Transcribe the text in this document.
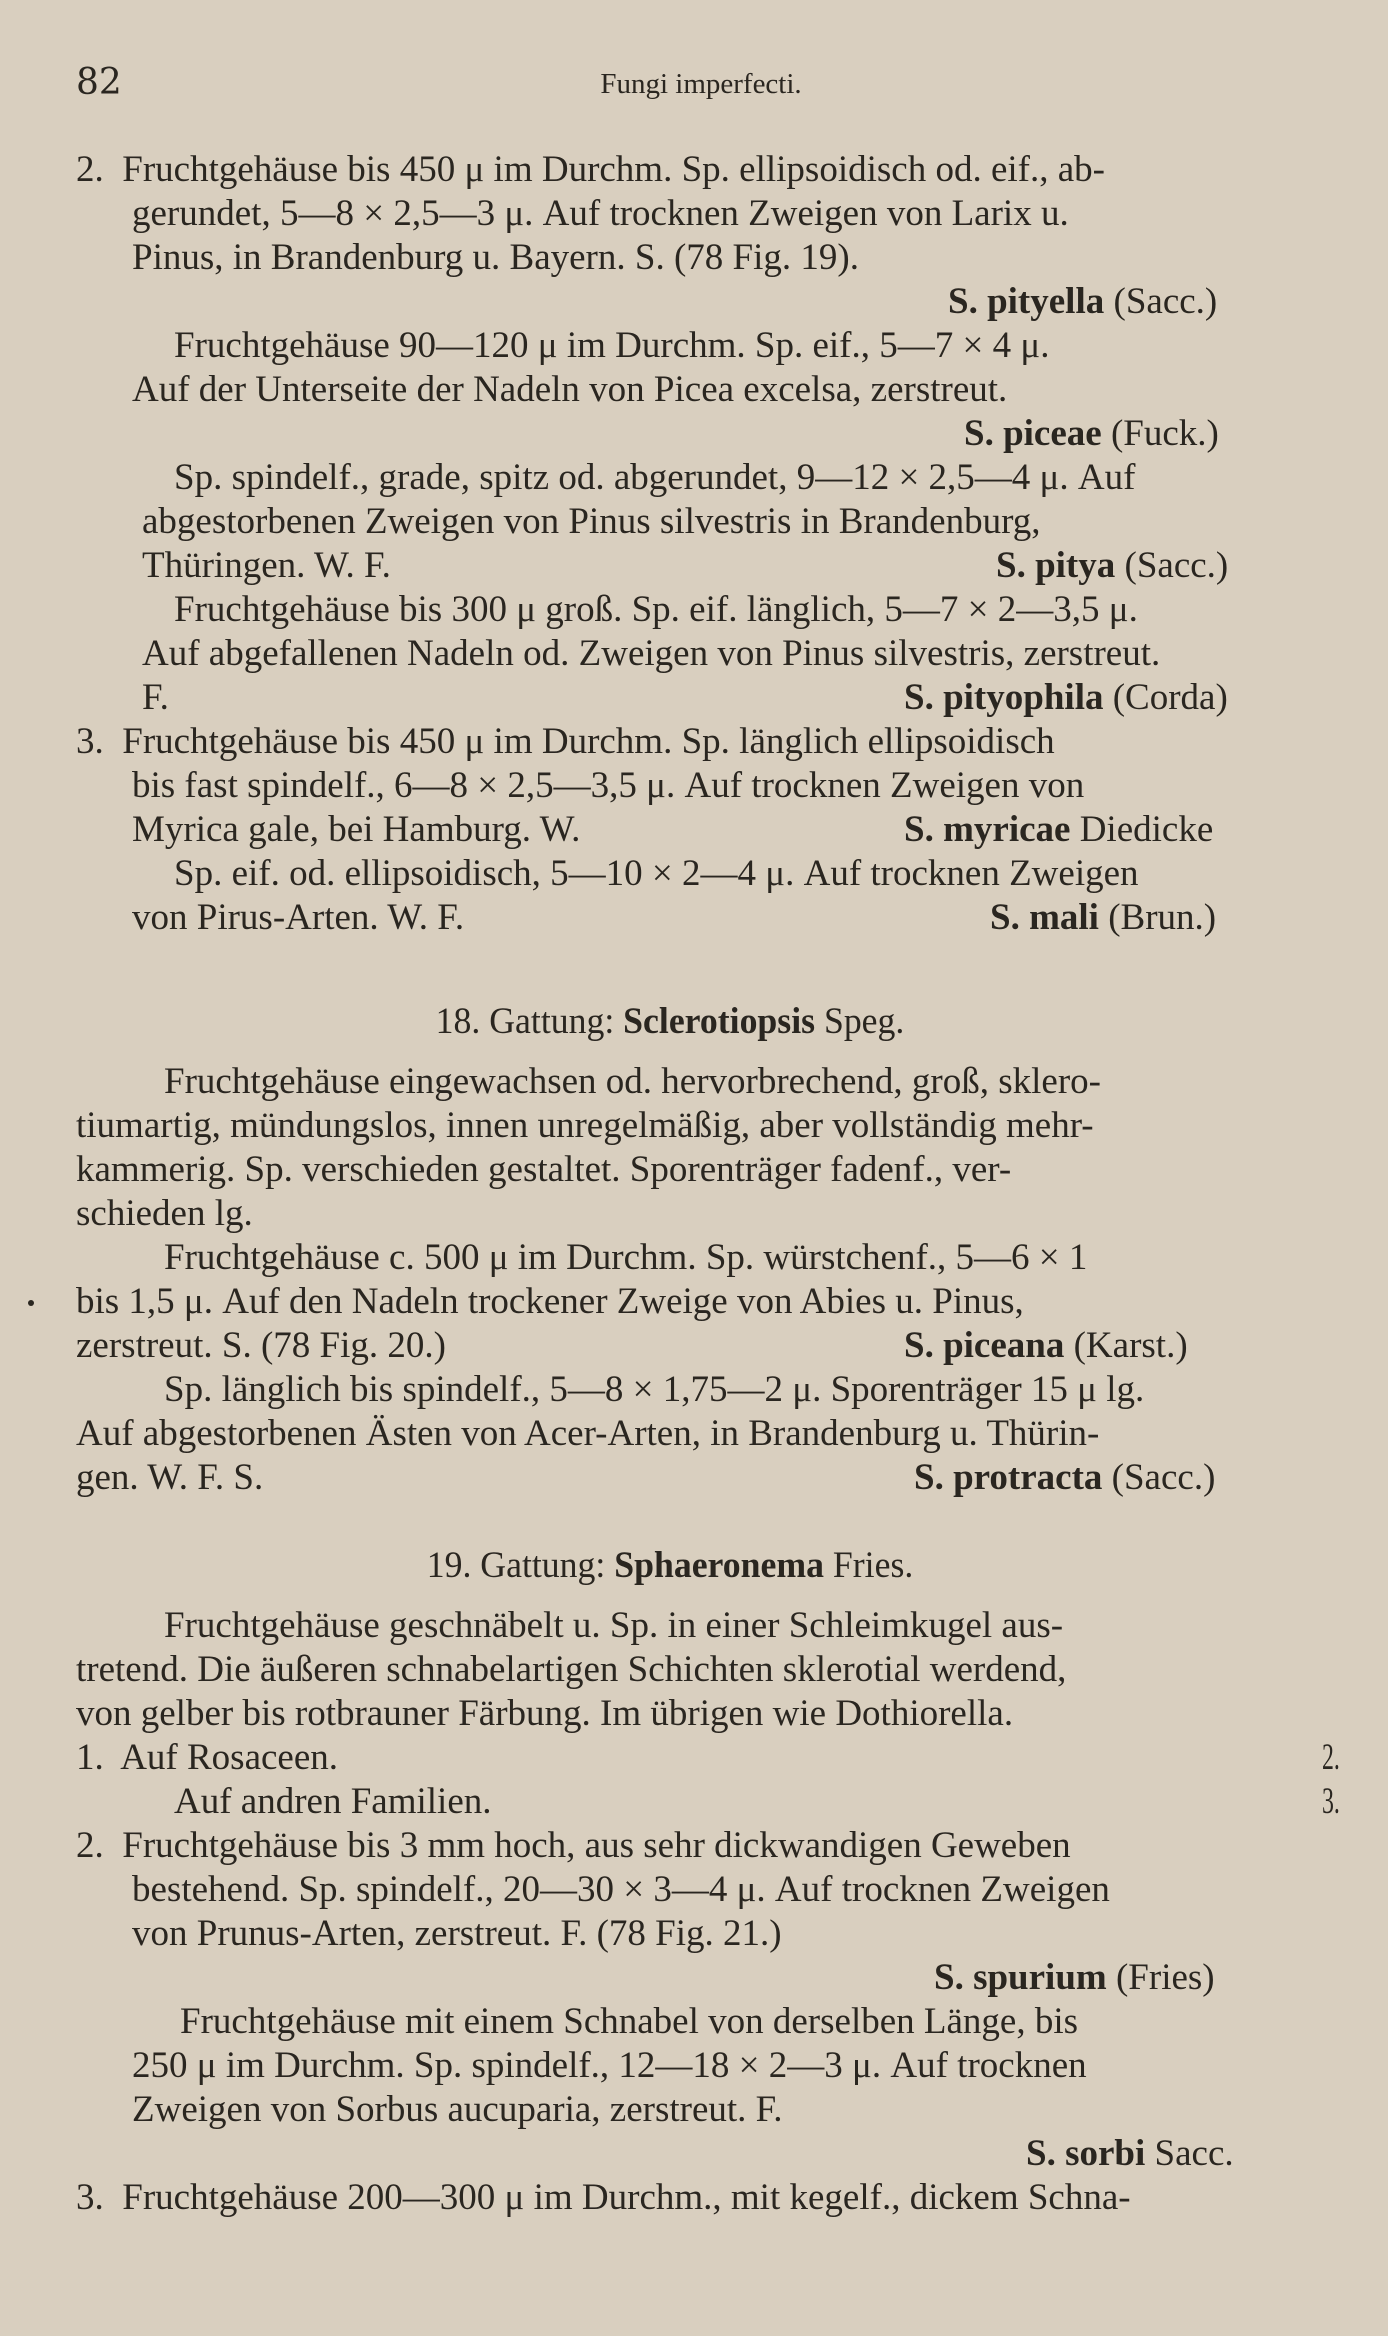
82	Fungi imperfecti.
2.  Fruchtgehäuse bis 450 μ im Durchm. Sp. ellipsoidisch od. eif., ab-
gerundet, 5—8 × 2,5—3 μ. Auf trocknen Zweigen von Larix u.
Pinus, in Brandenburg u. Bayern. S. (78 Fig. 19).
S. pityella (Sacc.)
Fruchtgehäuse 90—120 μ im Durchm. Sp. eif., 5—7 × 4 μ.
Auf der Unterseite der Nadeln von Picea excelsa, zerstreut.
S. piceae (Fuck.)
Sp. spindelf., grade, spitz od. abgerundet, 9—12 × 2,5—4 μ. Auf
abgestorbenen Zweigen von Pinus silvestris in Brandenburg,
Thüringen. W. F.	S. pitya (Sacc.)
Fruchtgehäuse bis 300 μ groß. Sp. eif. länglich, 5—7 × 2—3,5 μ.
Auf abgefallenen Nadeln od. Zweigen von Pinus silvestris, zerstreut.
F.	S. pityophila (Corda)
3.  Fruchtgehäuse bis 450 μ im Durchm. Sp. länglich ellipsoidisch
bis fast spindelf., 6—8 × 2,5—3,5 μ. Auf trocknen Zweigen von
Myrica gale, bei Hamburg. W.	S. myricae Diedicke
Sp. eif. od. ellipsoidisch, 5—10 × 2—4 μ. Auf trocknen Zweigen
von Pirus-Arten. W. F.	S. mali (Brun.)
18. Gattung: Sclerotiopsis Speg.
Fruchtgehäuse eingewachsen od. hervorbrechend, groß, sklero-
tiumartig, mündungslos, innen unregelmäßig, aber vollständig mehr-
kammerig. Sp. verschieden gestaltet. Sporenträger fadenf., ver-
schieden lg.
Fruchtgehäuse c. 500 μ im Durchm. Sp. würstchenf., 5—6 × 1
bis 1,5 μ. Auf den Nadeln trockener Zweige von Abies u. Pinus,
zerstreut. S. (78 Fig. 20.)	S. piceana (Karst.)
Sp. länglich bis spindelf., 5—8 × 1,75—2 μ. Sporenträger 15 μ lg.
Auf abgestorbenen Ästen von Acer-Arten, in Brandenburg u. Thürin-
gen. W. F. S.	S. protracta (Sacc.)
19. Gattung: Sphaeronema Fries.
Fruchtgehäuse geschnäbelt u. Sp. in einer Schleimkugel aus-
tretend. Die äußeren schnabelartigen Schichten sklerotial werdend,
von gelber bis rotbrauner Färbung. Im übrigen wie Dothiorella.
1.  Auf Rosaceen.	2.
Auf andren Familien.	3.
2.  Fruchtgehäuse bis 3 mm hoch, aus sehr dickwandigen Geweben
bestehend. Sp. spindelf., 20—30 × 3—4 μ. Auf trocknen Zweigen
von Prunus-Arten, zerstreut. F. (78 Fig. 21.)
S. spurium (Fries)
Fruchtgehäuse mit einem Schnabel von derselben Länge, bis
250 μ im Durchm. Sp. spindelf., 12—18 × 2—3 μ. Auf trocknen
Zweigen von Sorbus aucuparia, zerstreut. F.
S. sorbi Sacc.
3.  Fruchtgehäuse 200—300 μ im Durchm., mit kegelf., dickem Schna-
